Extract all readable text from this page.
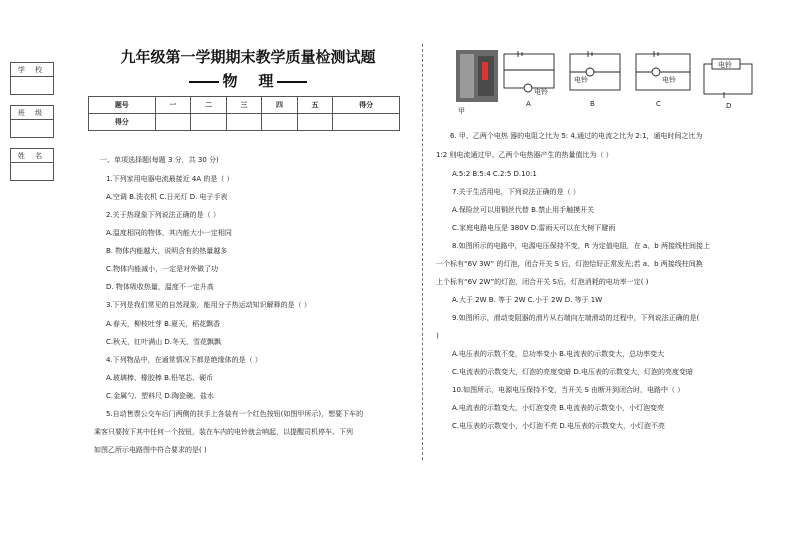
学 校
班 级
姓 名
九年级第一学期期末教学质量检测试题
物    理
题号	一	二	三	四	五	得分
得分						
一、单项选择题(每题 3 分，共 30 分)
1.下列家用电器电流最接近 4A 的是（ ）
A.空调 B.洗衣机 C.日光灯 D. 电子手表
2.关于热现象下列说法正确的是（ ）
A.温度相同的物体，其内能大小一定相同
B. 物体内能越大，说明含有的热量越多
C.物体内能减小，一定是对外做了功
D. 物体吸收热量，温度不一定升高
3.下列是我们常见的自然现象，能用分子热运动知识解释的是（ ）
A.春天，柳枝吐芽 B.夏天，稻花飘香
C.秋天，红叶满山 D.冬天，雪花飘飘
4.下列物品中，在通常情况下都是绝缘体的是（ ）
A.玻璃棒、橡胶棒 B.铅笔芯、硬币
C.金属勺、塑料尺 D.陶瓷碗、盐水
5.自动售票公交车后门两侧的扶手上各装有一个红色按钮(如图甲所示)，想要下车的
乘客只要按下其中任何一个按钮，装在车内的电铃就会响起，以提醒司机停车。下列
如图乙所示电路图中符合要求的是( )
甲
A
电铃
B
电铃
C
电铃
D
电铃
6. 甲、乙两个电热 器的电阻之比为 5: 4,通过的电流之比为 2:1，通电时间之比为
1:2 则电流通过甲、乙两个电热器产生的热量值比为（ ）
A.5:2 B.5:4 C.2:5 D.10:1
7.关于生活用电，下列说法正确的是（ ）
A.保险丝可以用铜丝代替 B.禁止用手触摸开关
C.家庭电路电压是 380V D.雷雨天可以在大树下避雨
8.如图所示的电路中，电源电压保持不变，R 为定值电阻，在 a、b 两接线柱间接上
一个标有“6V 3W” 的灯泡，闭合开关 S 后，灯泡恰好正常发光;若 a、b 两接线柱间换
上个标有“6V 2W”的灯泡，闭合开关 S后，灯泡消耗的电功率一定( )
A.大于 2W B. 等于 2W C.小于 2W D. 等于 1W
9.如图所示，滑动变阻器的滑片从右端向左端滑动的过程中，下列说法正确的是(
)
A.电压表的示数不变，总功率变小 B.电流表的示数变大，总功率变大
C.电流表的示数变大，灯泡的亮度变暗 D.电压表的示数变大，灯泡的亮度变暗
10.如图所示，电源电压保持不变，当开关 S 由断开到闭合时，电路中（ ）
A.电流表的示数变大，小灯泡变亮 B.电流表的示数变小，小灯泡变亮
C.电压表的示数变小，小灯泡不亮 D.电压表的示数变大，小灯泡不亮
